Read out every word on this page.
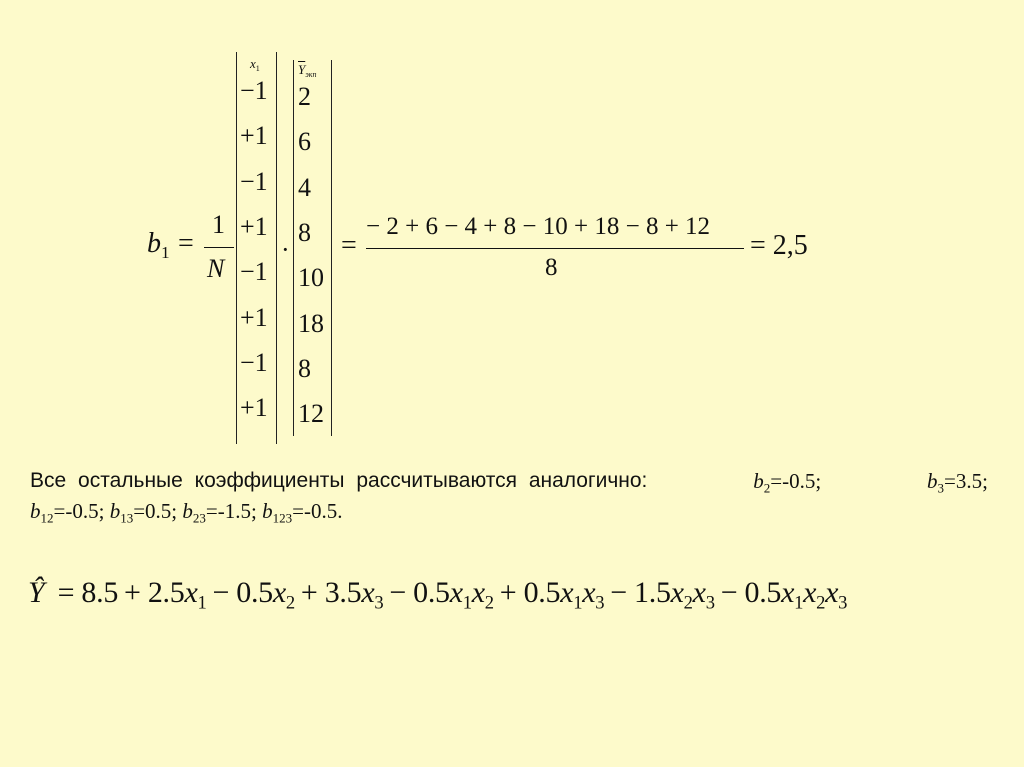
$b_1$ =
1
N
$x_1$
−1
+1
−1
+1
−1
+1
−1
+1
·
$\overline{Y}_{экп}$
2
6
4
8
10
18
8
12
=
− 2 + 6 − 4 + 8 − 10 + 18 − 8 + 12
8
= 2,5
Все остальные коэффициенты рассчитываются аналогично:	$b_2=-0.5$;	$b_3=3.5$;
$b_{12}=-0.5$; $b_{13}=0.5$; $b_{23}=-1.5$; $b_{123}=-0.5$.
Ŷ = $8.5 + 2.5x_1 - 0.5x_2 + 3.5x_3 - 0.5x_1x_2 + 0.5x_1x_3 - 1.5x_2x_3 - 0.5x_1x_2x_3$
